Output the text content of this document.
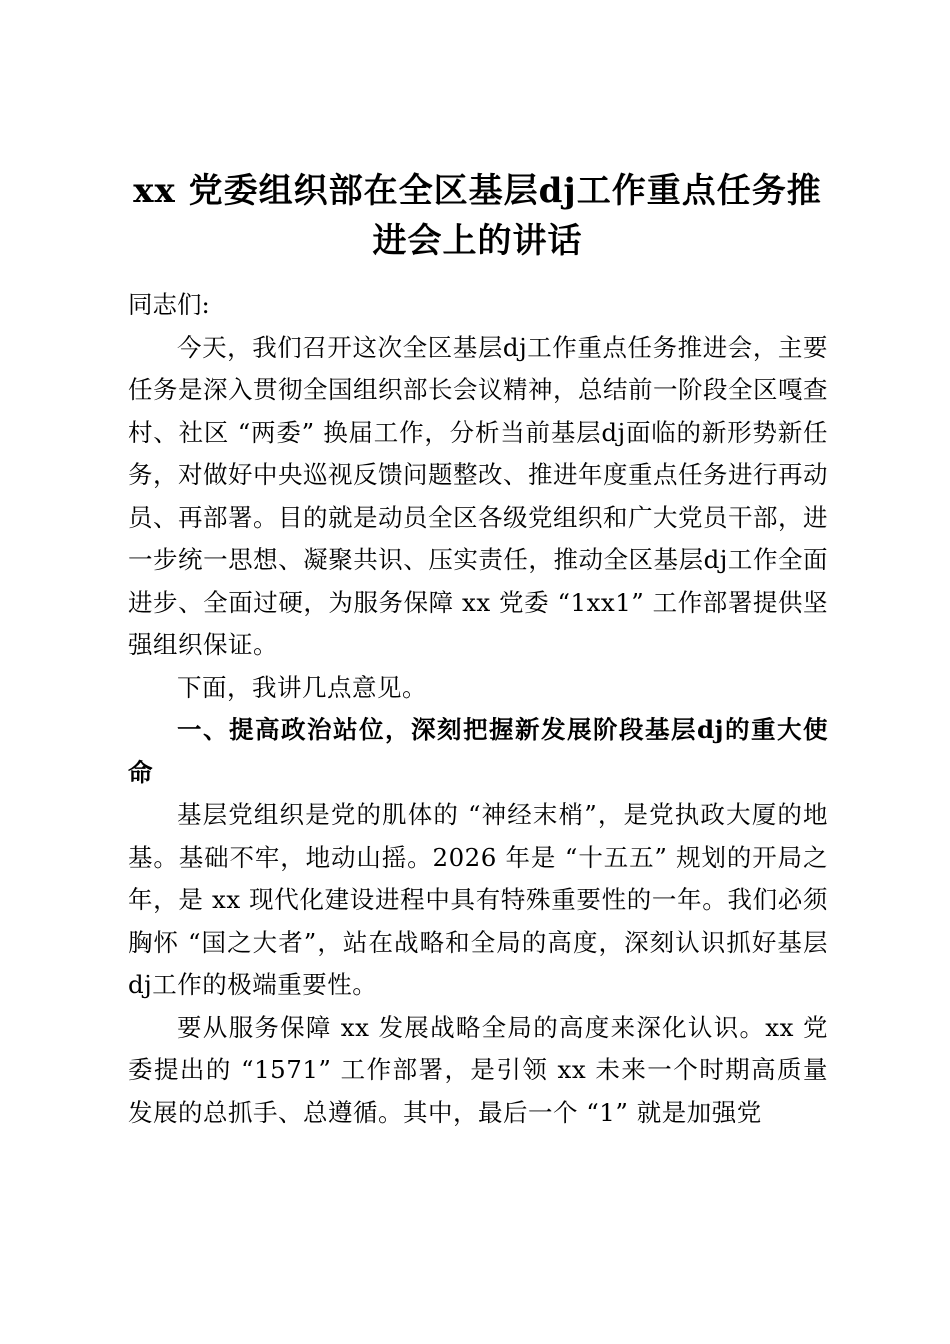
xx 党委组织部在全区基层dj工作重点任务推进会上的讲话

同志们:

今天，我们召开这次全区基层dj工作重点任务推进会，主要任务是深入贯彻全国组织部长会议精神，总结前一阶段全区嘎查村、社区 “两委” 换届工作，分析当前基层dj面临的新形势新任务，对做好中央巡视反馈问题整改、推进年度重点任务进行再动员、再部署。目的就是动员全区各级党组织和广大党员干部，进一步统一思想、凝聚共识、压实责任，推动全区基层dj工作全面进步、全面过硬，为服务保障 xx 党委 “1xx1” 工作部署提供坚强组织保证。

下面，我讲几点意见。

一、提高政治站位，深刻把握新发展阶段基层dj的重大使命

基层党组织是党的肌体的 “神经末梢”，是党执政大厦的地基。基础不牢，地动山摇。2026 年是 “十五五” 规划的开局之年，是 xx 现代化建设进程中具有特殊重要性的一年。我们必须胸怀 “国之大者”，站在战略和全局的高度，深刻认识抓好基层dj工作的极端重要性。

要从服务保障 xx 发展战略全局的高度来深化认识。xx 党委提出的 “1571” 工作部署，是引领 xx 未来一个时期高质量发展的总抓手、总遵循。其中，最后一个 “1” 就是加强党
